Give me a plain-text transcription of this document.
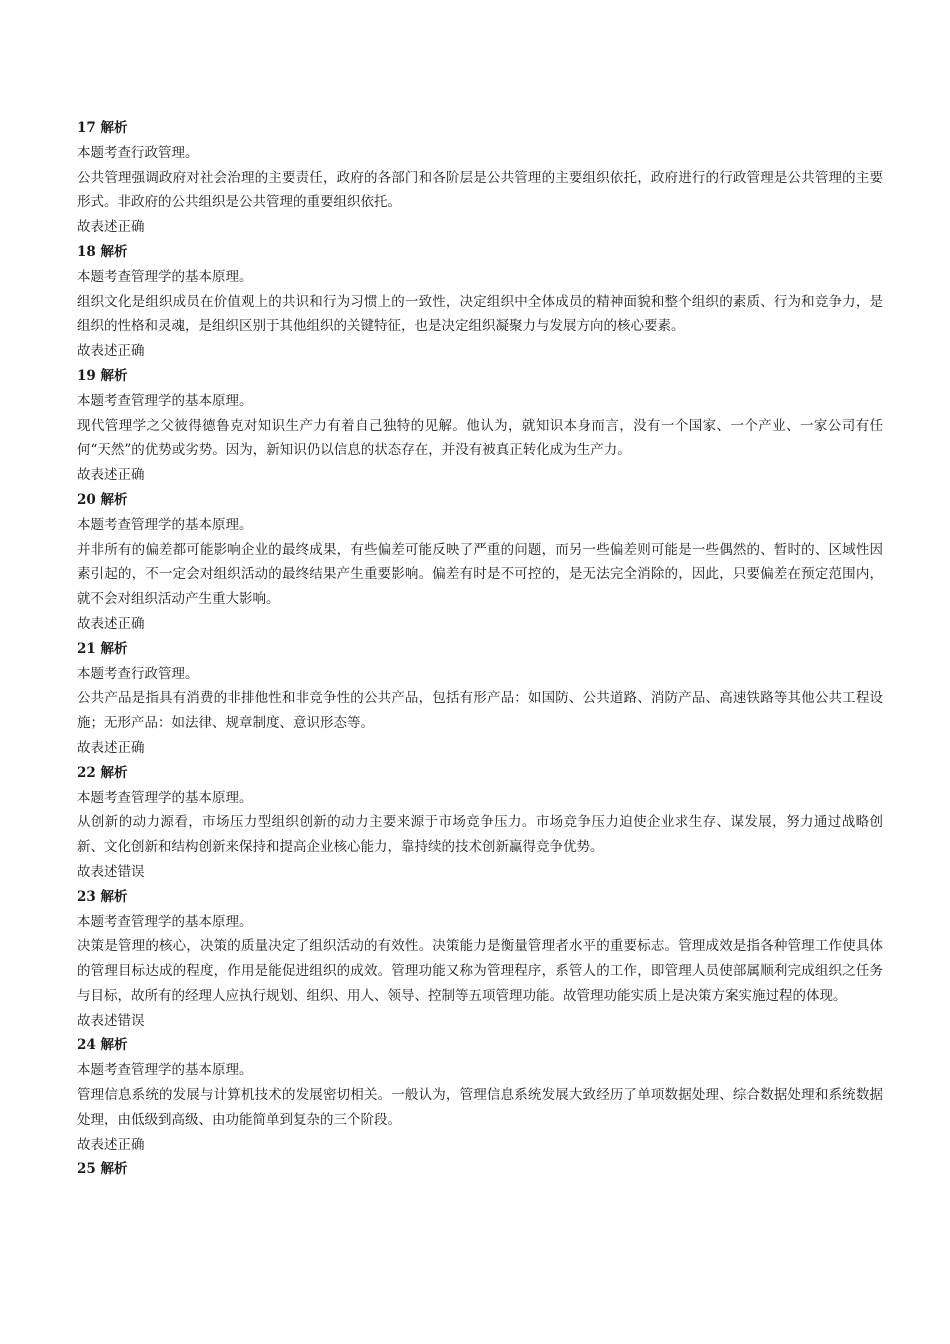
17 解析

本题考查行政管理。

公共管理强调政府对社会治理的主要责任，政府的各部门和各阶层是公共管理的主要组织依托，政府进行的行政管理是公共管理的主要形式。非政府的公共组织是公共管理的重要组织依托。

故表述正确

18 解析

本题考查管理学的基本原理。

组织文化是组织成员在价值观上的共识和行为习惯上的一致性，决定组织中全体成员的精神面貌和整个组织的素质、行为和竞争力，是组织的性格和灵魂，是组织区别于其他组织的关键特征，也是决定组织凝聚力与发展方向的核心要素。

故表述正确

19 解析

本题考查管理学的基本原理。

现代管理学之父彼得德鲁克对知识生产力有着自己独特的见解。他认为，就知识本身而言，没有一个国家、一个产业、一家公司有任何“天然”的优势或劣势。因为，新知识仍以信息的状态存在，并没有被真正转化成为生产力。

故表述正确

20 解析

本题考查管理学的基本原理。

并非所有的偏差都可能影响企业的最终成果，有些偏差可能反映了严重的问题，而另一些偏差则可能是一些偶然的、暂时的、区域性因素引起的，不一定会对组织活动的最终结果产生重要影响。偏差有时是不可控的，是无法完全消除的，因此，只要偏差在预定范围内，就不会对组织活动产生重大影响。

故表述正确

21 解析

本题考查行政管理。

公共产品是指具有消费的非排他性和非竞争性的公共产品，包括有形产品：如国防、公共道路、消防产品、高速铁路等其他公共工程设施；无形产品：如法律、规章制度、意识形态等。

故表述正确

22 解析

本题考查管理学的基本原理。

从创新的动力源看，市场压力型组织创新的动力主要来源于市场竞争压力。市场竞争压力迫使企业求生存、谋发展，努力通过战略创新、文化创新和结构创新来保持和提高企业核心能力，靠持续的技术创新赢得竞争优势。

故表述错误

23 解析

本题考查管理学的基本原理。

决策是管理的核心，决策的质量决定了组织活动的有效性。决策能力是衡量管理者水平的重要标志。管理成效是指各种管理工作使具体的管理目标达成的程度，作用是能促进组织的成效。管理功能又称为管理程序，系管人的工作，即管理人员使部属顺利完成组织之任务与目标，故所有的经理人应执行规划、组织、用人、领导、控制等五项管理功能。故管理功能实质上是决策方案实施过程的体现。

故表述错误

24 解析

本题考查管理学的基本原理。

管理信息系统的发展与计算机技术的发展密切相关。一般认为，管理信息系统发展大致经历了单项数据处理、综合数据处理和系统数据处理，由低级到高级、由功能简单到复杂的三个阶段。

故表述正确

25 解析
